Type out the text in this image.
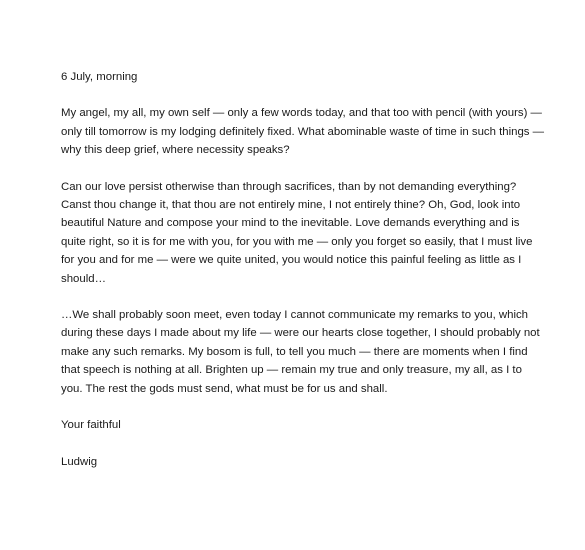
6 July, morning
My angel, my all, my own self — only a few words today, and that too with pencil (with yours) —
only till tomorrow is my lodging definitely fixed. What abominable waste of time in such things —
why this deep grief, where necessity speaks?
Can our love persist otherwise than through sacrifices, than by not demanding everything?
Canst thou change it, that thou are not entirely mine, I not entirely thine? Oh, God, look into
beautiful Nature and compose your mind to the inevitable. Love demands everything and is
quite right, so it is for me with you, for you with me — only you forget so easily, that I must live
for you and for me — were we quite united, you would notice this painful feeling as little as I
should…
…We shall probably soon meet, even today I cannot communicate my remarks to you, which
during these days I made about my life — were our hearts close together, I should probably not
make any such remarks. My bosom is full, to tell you much — there are moments when I find
that speech is nothing at all. Brighten up — remain my true and only treasure, my all, as I to
you. The rest the gods must send, what must be for us and shall.
Your faithful
Ludwig
